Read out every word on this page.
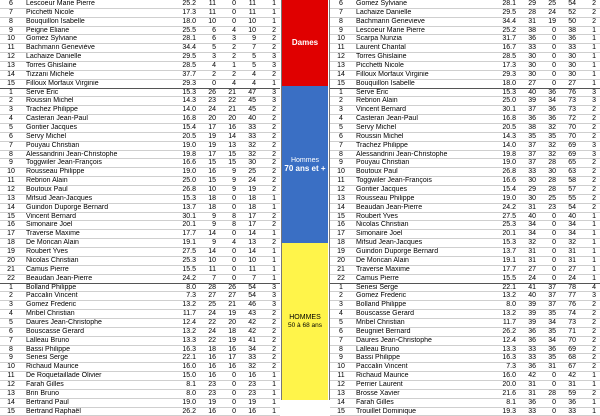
6	Lescoeur Marie Pierre	25.2	11	0	11	1
7	Picchetti Nicole	17.3	11	0	11	1
8	Bouquillon Isabelle	18.0	10	0	10	1
9	Peigne Eliane	25.5	6	4	10	2
10	Gomez Sylviane	28.1	6	3	9	2
11	Bachmann Geneviève	34.4	5	2	7	2
12	Lachaize Danielle	29.5	3	2	5	3
13	Torres Ghislaine	28.5	4	1	5	3
14	Tizzani Michele	37.7	2	2	4	2
15	Filloux Morfaux Virginie	29.3	0	4	4	1
1	Serve Eric	15.3	26	21	47	3
2	Roussin Michel	14.3	23	22	45	3
3	Trachez Philippe	14.0	24	21	45	2
4	Casteran Jean-Paul	16.8	20	20	40	2
5	Gontier Jacques	15.4	17	16	33	2
6	Servy Michel	20.5	19	14	33	2
7	Pouyau Christian	19.0	19	13	32	2
8	Alessandrini Jean-Christophe	19.8	17	15	32	2
9	Toggwiler Jean-François	16.6	15	15	30	2
10	Rousseau Philippe	19.0	16	9	25	2
11	Rebrion Alain	25.0	15	9	24	2
12	Boutoux Paul	26.8	10	9	19	2
13	Mifsud Jean-Jacques	15.3	18	0	18	1
14	Guindon Duporge Bernard	13.7	18	0	18	1
15	Vincent Bernard	30.1	9	8	17	2
16	Simonaire Joel	20.1	9	8	17	2
17	Traverse Maxime	17.7	14	0	14	1
18	De Moncan Alain	19.1	9	4	13	2
19	Roubert Yves	27.5	14	0	14	1
20	Nicolas Christian	25.3	10	0	10	1
21	Camus Pierre	15.5	11	0	11	1
22	Beaudan Jean-Pierre	24.2	7	0	7	1
1	Bolland Philippe	8.0	28	26	54	3
2	Paccalin Vincent	7.3	27	27	54	3
3	Gomez Frederic	13.2	25	21	46	3
4	Mribel Christian	11.7	24	19	43	2
5	Daures Jean-Christophe	12.4	22	20	42	2
6	Bouscasse Gerard	13.2	24	18	42	2
7	Lalleau Bruno	13.3	22	19	41	2
8	Bassi Philippe	16.3	18	16	34	2
9	Senesi Serge	22.1	16	17	33	2
10	Richaud Maurice	16.0	16	16	32	2
11	De Roquetaillade Olivier	15.0	16	0	16	1
12	Farah Gilles	8.1	23	0	23	1
13	Brin Bruno	8.0	23	0	23	1
14	Bertrand Paul	19.0	19	0	19	1
15	Bertrand Raphaël	26.2	16	0	16	1
Dames
Hommes
70 ans et +
HOMMES
50 à 68 ans
6	Gomez Sylviane	28.1	29	25	54	2
7	Lachaize Danielle	29.5	28	24	52	2
8	Bachmann Genevieve	34.4	31	19	50	2
9	Lescoeur Marie Pierre	25.2	38	0	38	1
10	Scarpa Nunzia	31.7	36	0	36	1
11	Laurent Chantal	16.7	33	0	33	1
12	Torres Ghislaine	28.5	30	0	30	1
13	Picchetti Nicole	17.3	30	0	30	1
14	Filloux Morfaux Virginie	29.3	30	0	30	1
15	Bouquillon Isabelle	18.0	27	0	27	1
1	Serve Eric	15.3	40	36	76	3
2	Rebrion Alain	25.0	39	34	73	3
3	Vincent Bernard	30.1	37	36	73	2
4	Casteran Jean-Paul	16.8	36	36	72	2
5	Servy Michel	20.5	38	32	70	2
6	Roussin Michel	14.3	35	35	70	2
7	Trachez Philippe	14.0	37	32	69	3
8	Alessandrini Jean-Christophe	19.8	37	32	69	3
9	Pouyau Christian	19.0	37	28	65	2
10	Boutoux Paul	26.8	33	30	63	2
11	Toggwiler Jean-François	16.6	30	28	58	2
12	Gontier Jacques	15.4	29	28	57	2
13	Rousseau Philippe	19.0	30	25	55	2
14	Beaudan Jean-Pierre	24.2	31	23	54	2
15	Roubert Yves	27.5	40	0	40	1
16	Nicolas Christian	25.3	34	0	34	1
17	Simonaire Joel	20.1	34	0	34	1
18	Mifsud Jean-Jacques	15.3	32	0	32	1
19	Guindon Duporge Bernard	13.7	31	0	31	1
20	De Moncan Alain	19.1	31	0	31	1
21	Traverse Maxime	17.7	27	0	27	1
22	Camus Pierre	15.5	24	0	24	1
1	Senesi Serge	22.1	41	37	78	4
2	Gomez Frederic	13.2	40	37	77	3
3	Bolland Philippe	8.0	39	37	76	2
4	Bouscasse Gerard	13.2	39	35	74	2
5	Mribel Christian	11.7	39	34	73	2
6	Beugniet Bernard	26.2	36	35	71	2
7	Daures Jean-Christophe	12.4	36	34	70	2
8	Lalleau Bruno	13.3	33	36	69	2
9	Bassi Philippe	16.3	33	35	68	2
10	Paccalin Vincent	7.3	36	31	67	2
11	Richaud Maurice	16.0	42	0	42	1
12	Perrier Laurent	20.0	31	0	31	1
13	Brosse Xavier	21.6	31	28	59	2
14	Farah Gilles	8.1	36	0	36	1
15	Trouillet Dominique	19.3	33	0	33	1
